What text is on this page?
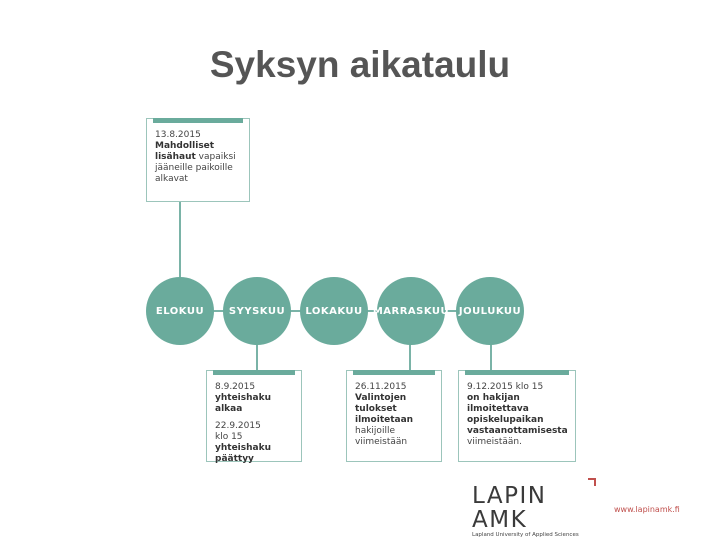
Syksyn aikataulu
13.8.2015
Mahdolliset lisähaut vapaiksi jääneille paikoille alkavat
ELOKUU	SYYSKUU	LOKAKUU	MARRASKUU JOULUKUU

8.9.2015
yhteishaku alkaa

22.9.2015
klo 15 yhteishaku päättyy

26.11.2015
Valintojen tulokset ilmoitetaan hakijoille viimeistään
9.12.2015 klo 15
on hakijan ilmoitettava opiskelupaikan vastaanottamisesta viimeistään.
LAPIN AMK
Lapland University of Applied Sciences
www.lapinamk.fi
